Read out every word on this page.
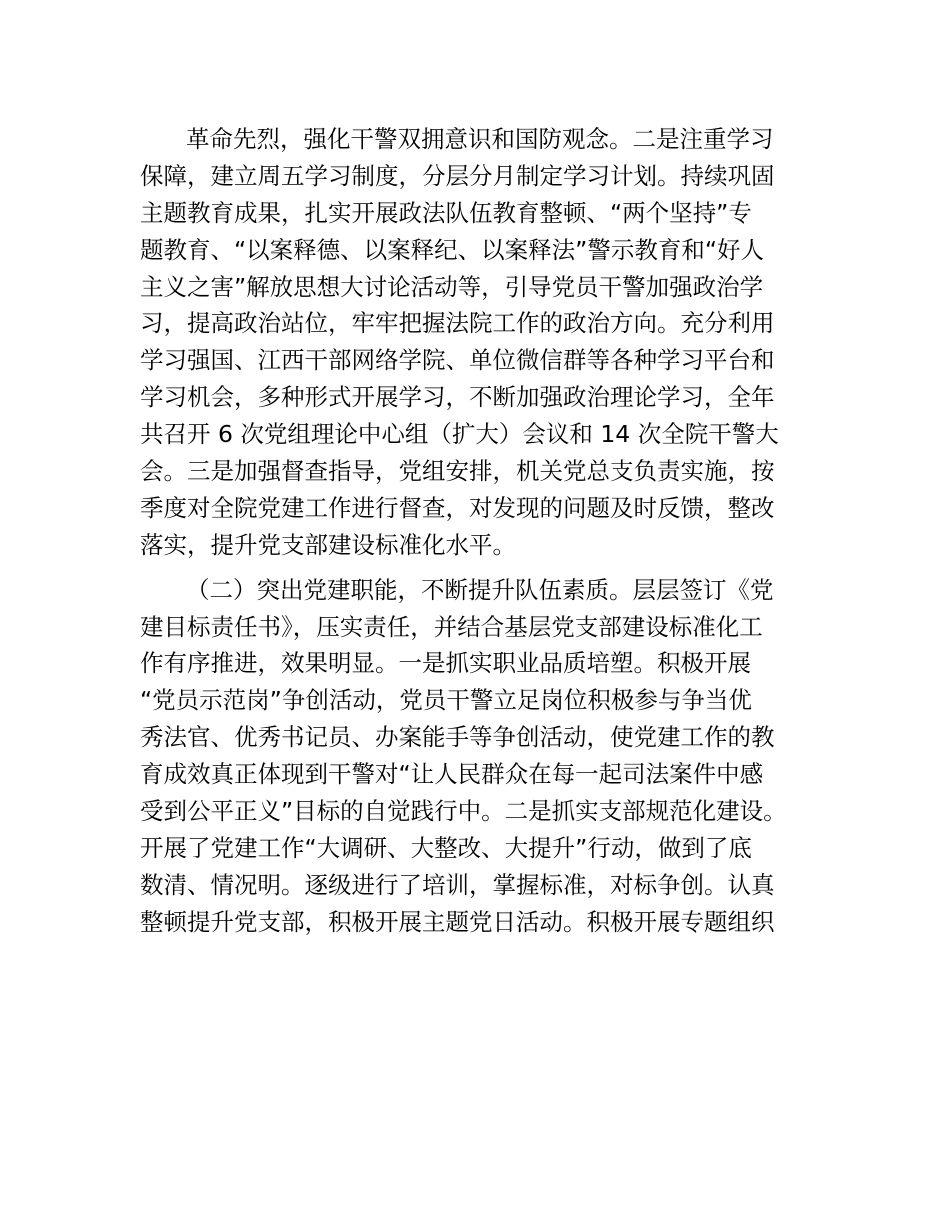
革命先烈，强化干警双拥意识和国防观念。二是注重学习
保障，建立周五学习制度，分层分月制定学习计划。持续巩固
主题教育成果，扎实开展政法队伍教育整顿、“两个坚持”专
题教育、“以案释德、以案释纪、以案释法”警示教育和“好人
主义之害”解放思想大讨论活动等，引导党员干警加强政治学
习，提高政治站位，牢牢把握法院工作的政治方向。充分利用
学习强国、江西干部网络学院、单位微信群等各种学习平台和
学习机会，多种形式开展学习，不断加强政治理论学习，全年
共召开 6 次党组理论中心组（扩大）会议和 14 次全院干警大
会。三是加强督查指导，党组安排，机关党总支负责实施，按
季度对全院党建工作进行督查，对发现的问题及时反馈，整改
落实，提升党支部建设标准化水平。
（二）突出党建职能，不断提升队伍素质。层层签订《党
建目标责任书》，压实责任，并结合基层党支部建设标准化工
作有序推进，效果明显。一是抓实职业品质培塑。积极开展
“党员示范岗”争创活动，党员干警立足岗位积极参与争当优
秀法官、优秀书记员、办案能手等争创活动，使党建工作的教
育成效真正体现到干警对“让人民群众在每一起司法案件中感
受到公平正义”目标的自觉践行中。二是抓实支部规范化建设。
开展了党建工作“大调研、大整改、大提升”行动，做到了底
数清、情况明。逐级进行了培训，掌握标准，对标争创。认真
整顿提升党支部，积极开展主题党日活动。积极开展专题组织
